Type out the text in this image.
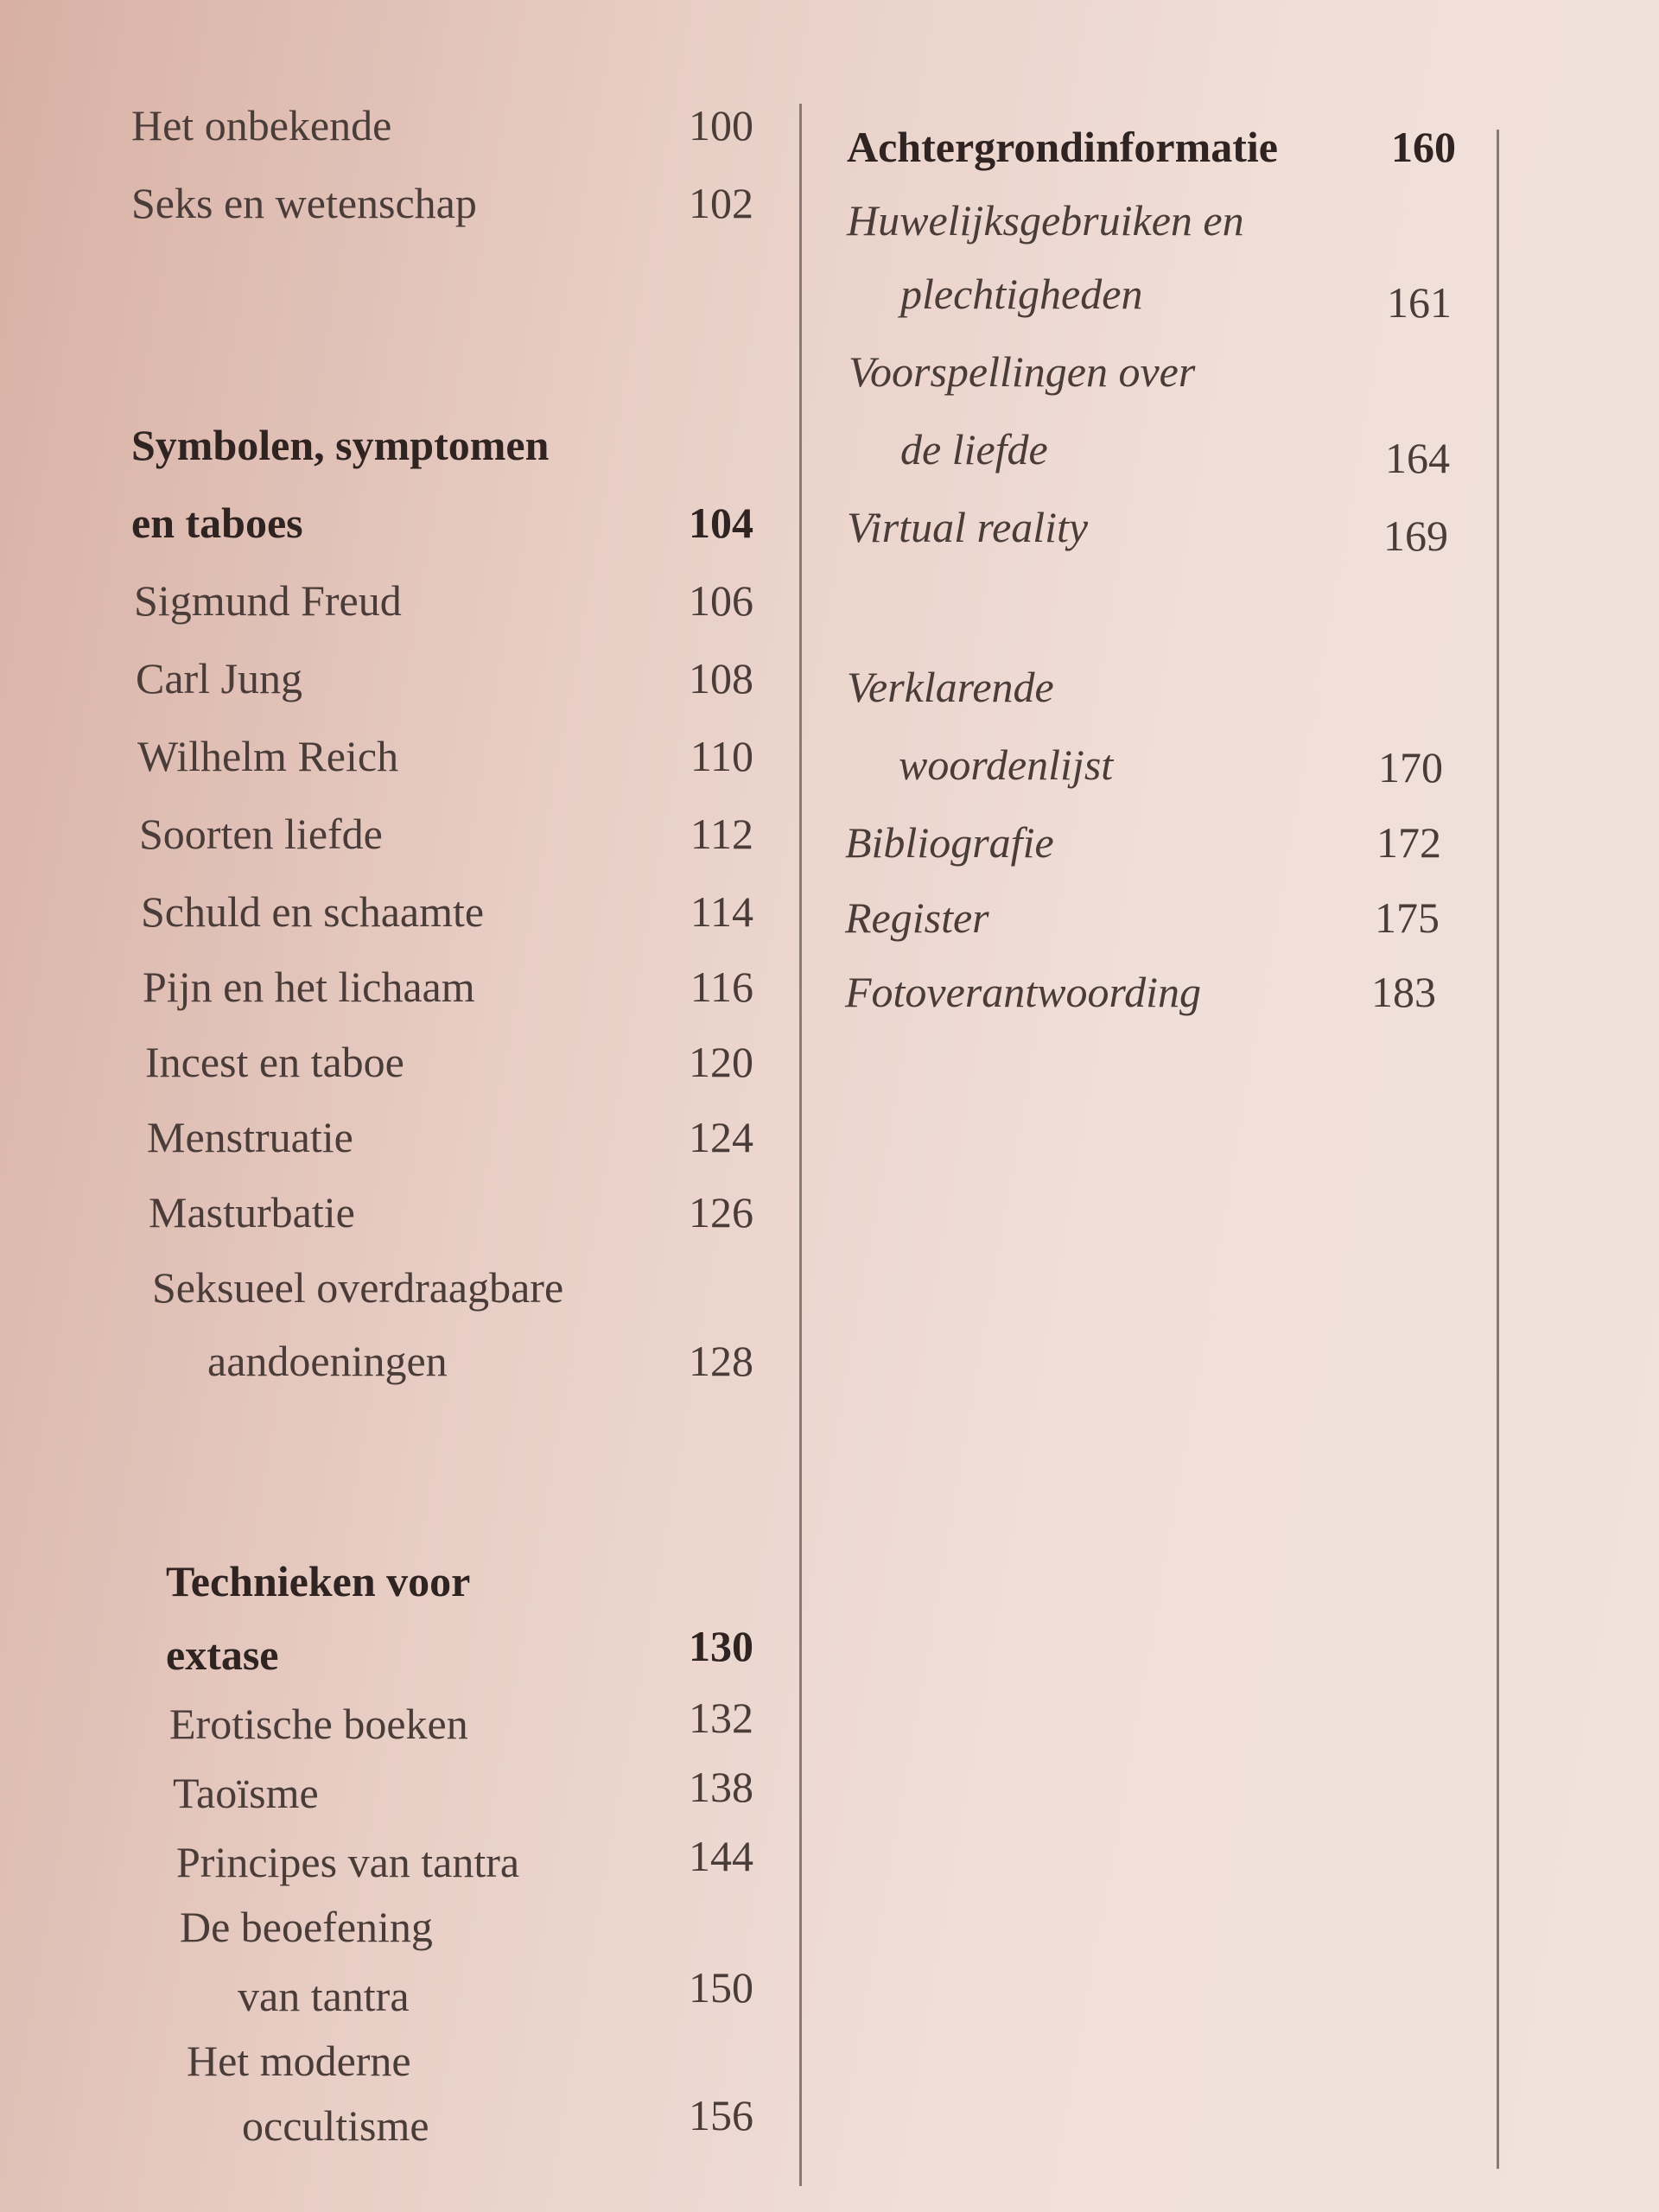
Het onbekende	100
Seks en wetenschap	102
Symbolen, symptomen
en taboes	104
Sigmund Freud	106
Carl Jung	108
Wilhelm Reich	110
Soorten liefde	112
Schuld en schaamte	114
Pijn en het lichaam	116
Incest en taboe	120
Menstruatie	124
Masturbatie	126
Seksueel overdraagbare
aandoeningen	128
Technieken voor
extase	130
Erotische boeken	132
Taoïsme	138
Principes van tantra	144
De beoefening
van tantra	150
Het moderne
occultisme	156
Achtergrondinformatie	160
Huwelijksgebruiken en
plechtigheden	161
Voorspellingen over
de liefde	164
Virtual reality	169
Verklarende
woordenlijst	170
Bibliografie	172
Register	175
Fotoverantwoording	183
